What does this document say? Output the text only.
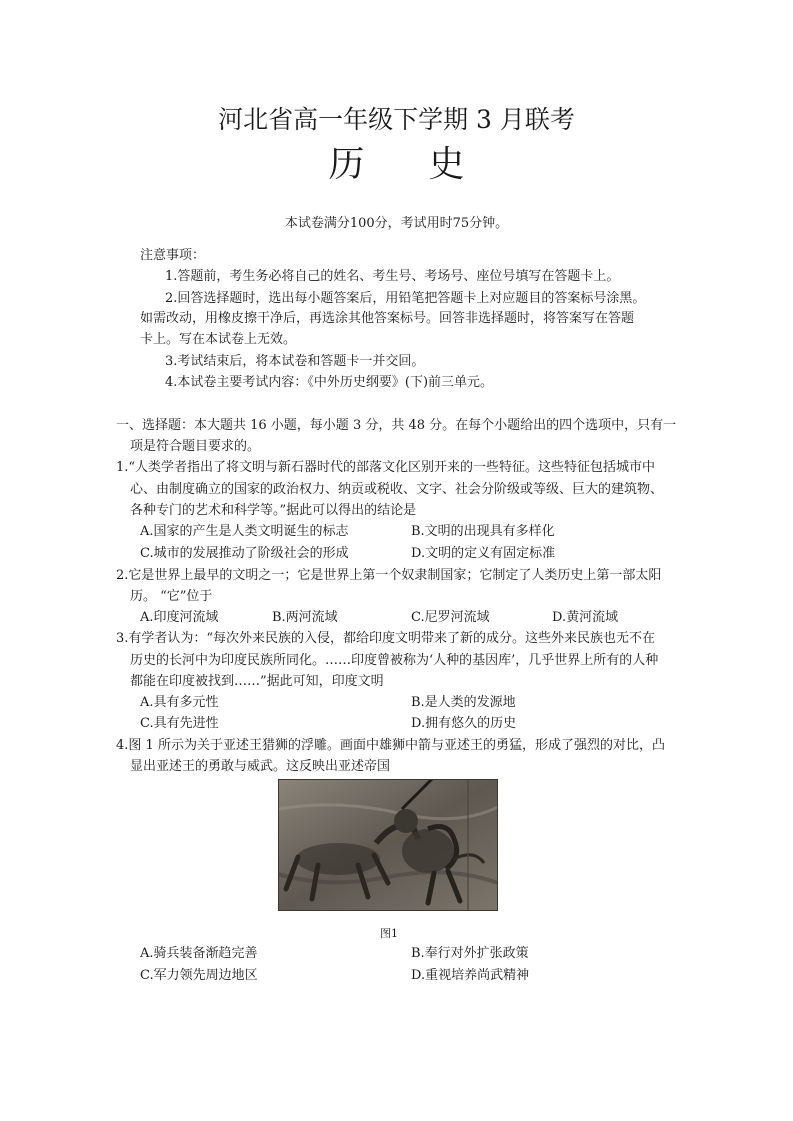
河北省高一年级下学期 3 月联考
历史
本试卷满分100分，考试用时75分钟。
注意事项：
1.答题前，考生务必将自己的姓名、考生号、考场号、座位号填写在答题卡上。
2.回答选择题时，选出每小题答案后，用铅笔把答题卡上对应题目的答案标号涂黑。
如需改动，用橡皮擦干净后，再选涂其他答案标号。回答非选择题时，将答案写在答题
卡上。写在本试卷上无效。
3.考试结束后，将本试卷和答题卡一并交回。
4.本试卷主要考试内容：《中外历史纲要》(下)前三单元。
一、选择题：本大题共 16 小题，每小题 3 分，共 48 分。在每个小题给出的四个选项中，只有一
项是符合题目要求的。
1.“人类学者指出了将文明与新石器时代的部落文化区别开来的一些特征。这些特征包括城市中
心、由制度确立的国家的政治权力、纳贡或税收、文字、社会分阶级或等级、巨大的建筑物、
各种专门的艺术和科学等。”据此可以得出的结论是
A.国家的产生是人类文明诞生的标志	B.文明的出现具有多样化
C.城市的发展推动了阶级社会的形成	D.文明的定义有固定标准
2.它是世界上最早的文明之一；它是世界上第一个奴隶制国家；它制定了人类历史上第一部太阳
历。 “它”位于
A.印度河流域	B.两河流域	C.尼罗河流域	D.黄河流域
3.有学者认为：“每次外来民族的入侵，都给印度文明带来了新的成分。这些外来民族也无不在
历史的长河中为印度民族所同化。……印度曾被称为‘人种的基因库’，几乎世界上所有的人种
都能在印度被找到……”据此可知，印度文明
A.具有多元性	B.是人类的发源地
C.具有先进性	D.拥有悠久的历史
4.图 1 所示为关于亚述王猎狮的浮雕。画面中雄狮中箭与亚述王的勇猛，形成了强烈的对比，凸
显出亚述王的勇敢与威武。这反映出亚述帝国
图1
A.骑兵装备渐趋完善	B.奉行对外扩张政策
C.军力领先周边地区	D.重视培养尚武精神
